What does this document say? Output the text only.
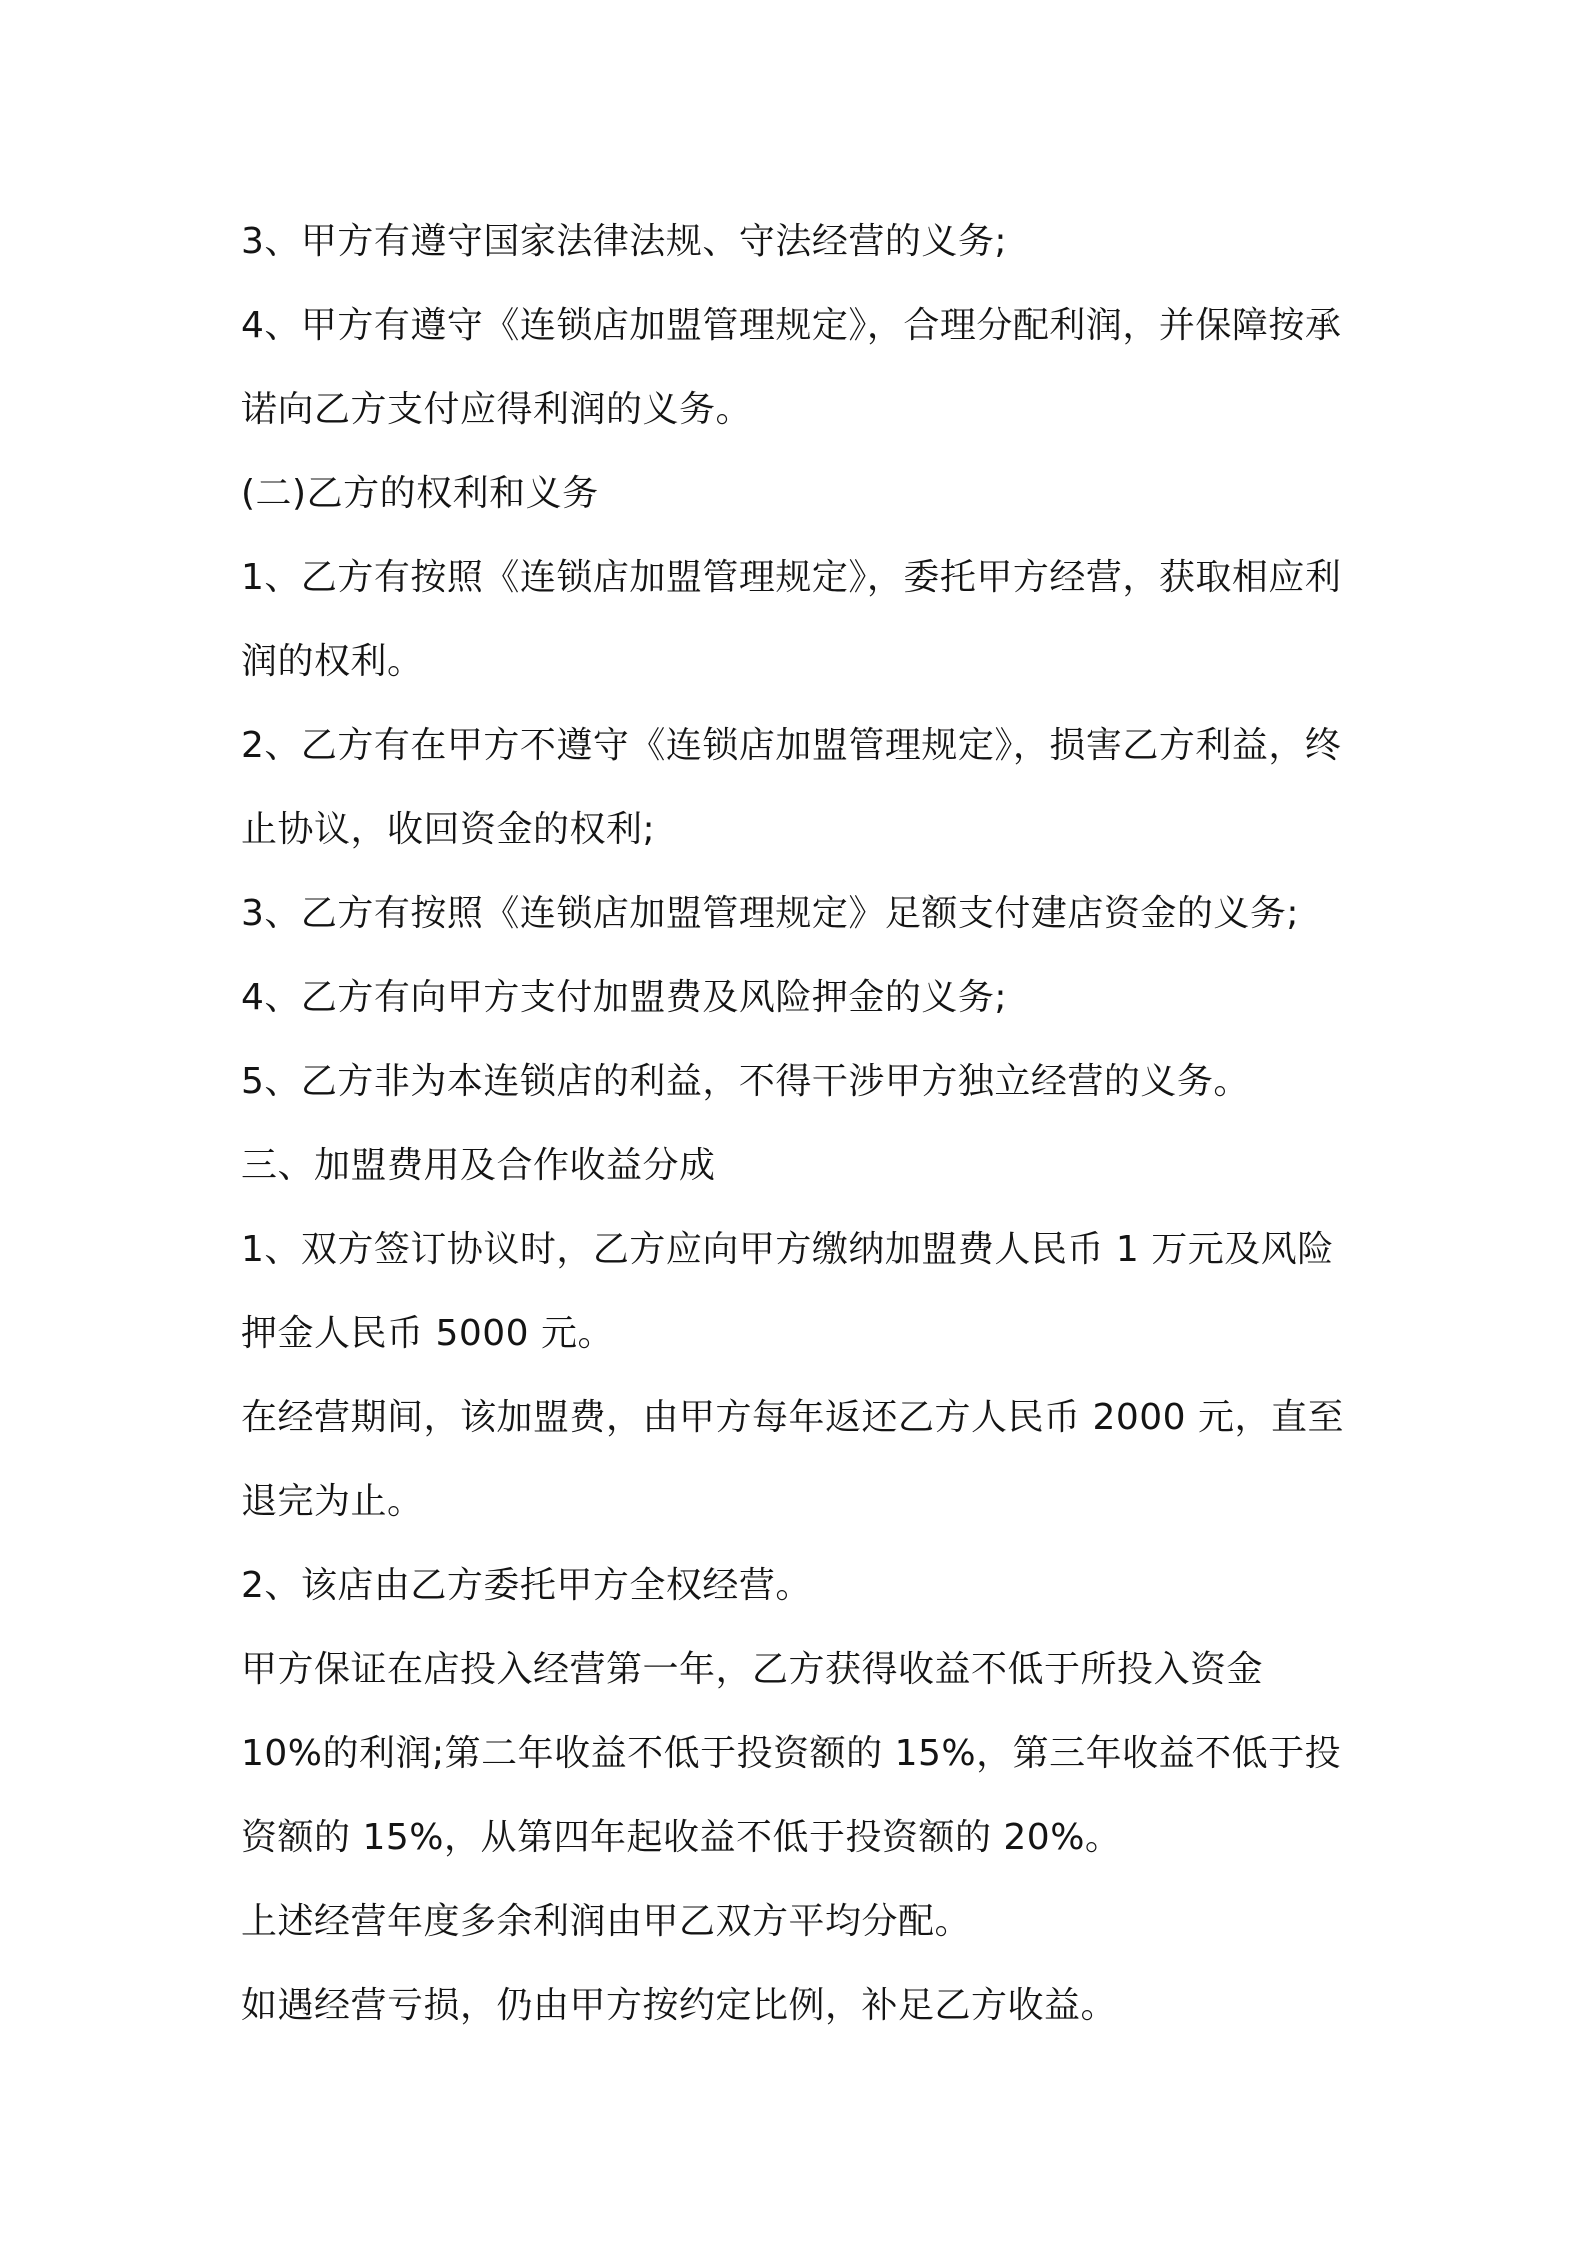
3、甲方有遵守国家法律法规、守法经营的义务;
4、甲方有遵守《连锁店加盟管理规定》，合理分配利润，并保障按承
诺向乙方支付应得利润的义务。
(二)乙方的权利和义务
1、乙方有按照《连锁店加盟管理规定》，委托甲方经营，获取相应利
润的权利。
2、乙方有在甲方不遵守《连锁店加盟管理规定》，损害乙方利益，终
止协议，收回资金的权利;
3、乙方有按照《连锁店加盟管理规定》足额支付建店资金的义务;
4、乙方有向甲方支付加盟费及风险押金的义务;
5、乙方非为本连锁店的利益，不得干涉甲方独立经营的义务。
三、加盟费用及合作收益分成
1、双方签订协议时，乙方应向甲方缴纳加盟费人民币 1 万元及风险
押金人民币 5000 元。
在经营期间，该加盟费，由甲方每年返还乙方人民币 2000 元，直至
退完为止。
2、该店由乙方委托甲方全权经营。
甲方保证在店投入经营第一年，乙方获得收益不低于所投入资金
10%的利润;第二年收益不低于投资额的 15%，第三年收益不低于投
资额的 15%，从第四年起收益不低于投资额的 20%。
上述经营年度多余利润由甲乙双方平均分配。
如遇经营亏损，仍由甲方按约定比例，补足乙方收益。
